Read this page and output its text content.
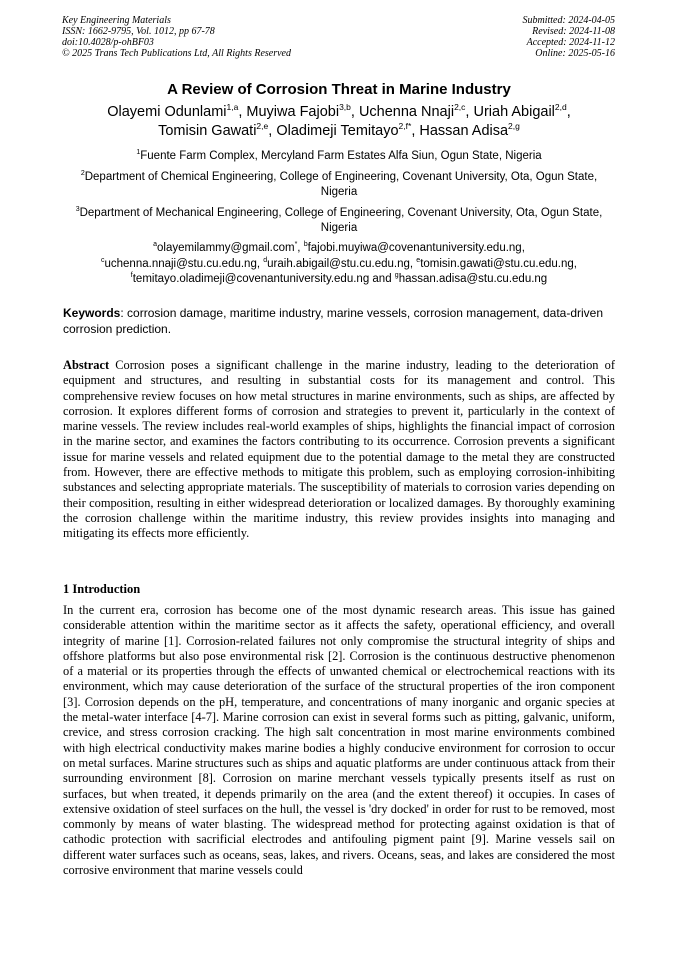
Key Engineering Materials
ISSN: 1662-9795, Vol. 1012, pp 67-78
doi:10.4028/p-ohBF03
© 2025 Trans Tech Publications Ltd, All Rights Reserved
Submitted: 2024-04-05
Revised: 2024-11-08
Accepted: 2024-11-12
Online: 2025-05-16
A Review of Corrosion Threat in Marine Industry
Olayemi Odunlami$^{1,a}$, Muyiwa Fajobi$^{3,b}$, Uchenna Nnaji$^{2,c}$, Uriah Abigail$^{2,d}$,
Tomisin Gawati$^{2,e}$, Oladimeji Temitayo$^{2,f*}$, Hassan Adisa$^{2,g}$
$^1$Fuente Farm Complex, Mercyland Farm Estates Alfa Siun, Ogun State, Nigeria
$^2$Department of Chemical Engineering, College of Engineering, Covenant University, Ota, Ogun State, Nigeria
$^3$Department of Mechanical Engineering, College of Engineering, Covenant University, Ota, Ogun State, Nigeria
$^a$olayemilammy@gmail.com*, $^b$fajobi.muyiwa@covenantuniversity.edu.ng,
$^c$uchenna.nnaji@stu.cu.edu.ng, $^d$uraih.abigail@stu.cu.edu.ng, $^e$tomisin.gawati@stu.cu.edu.ng,
$^f$temitayo.oladimeji@covenantuniversity.edu.ng and $^g$hassan.adisa@stu.cu.edu.ng
Keywords: corrosion damage, maritime industry, marine vessels, corrosion management, data-driven corrosion prediction.
Abstract Corrosion poses a significant challenge in the marine industry, leading to the deterioration of equipment and structures, and resulting in substantial costs for its management and control. This comprehensive review focuses on how metal structures in marine environments, such as ships, are affected by corrosion. It explores different forms of corrosion and strategies to prevent it, particularly in the context of marine vessels. The review includes real-world examples of ships, highlights the financial impact of corrosion in the marine sector, and examines the factors contributing to its occurrence. Corrosion prevents a significant issue for marine vessels and related equipment due to the potential damage to the metal they are constructed from. However, there are effective methods to mitigate this problem, such as employing corrosion-inhibiting substances and selecting appropriate materials. The susceptibility of materials to corrosion varies depending on their composition, resulting in either widespread deterioration or localized damages. By thoroughly examining the corrosion challenge within the maritime industry, this review provides insights into managing and mitigating its effects more efficiently.
1 Introduction
In the current era, corrosion has become one of the most dynamic research areas. This issue has gained considerable attention within the maritime sector as it affects the safety, operational efficiency, and overall integrity of marine [1]. Corrosion-related failures not only compromise the structural integrity of ships and offshore platforms but also pose environmental risk [2]. Corrosion is the continuous destructive phenomenon of a material or its properties through the effects of unwanted chemical or electrochemical reactions with its environment, which may cause deterioration of the surface of the structural properties of the iron component [3]. Corrosion depends on the pH, temperature, and concentrations of many inorganic and organic species at the metal-water interface [4-7]. Marine corrosion can exist in several forms such as pitting, galvanic, uniform, crevice, and stress corrosion cracking. The high salt concentration in most marine environments combined with high electrical conductivity makes marine bodies a highly conducive environment for corrosion to occur on metal surfaces. Marine structures such as ships and aquatic platforms are under continuous attack from their surrounding environment [8]. Corrosion on marine merchant vessels typically presents itself as rust on surfaces, but when treated, it depends primarily on the area (and the extent thereof) it occupies. In cases of extensive oxidation of steel surfaces on the hull, the vessel is 'dry docked' in order for rust to be removed, most commonly by means of water blasting. The widespread method for protecting against oxidation is that of cathodic protection with sacrificial electrodes and antifouling pigment paint [9]. Marine vessels sail on different water surfaces such as oceans, seas, lakes, and rivers. Oceans, seas, and lakes are considered the most corrosive environment that marine vessels could
